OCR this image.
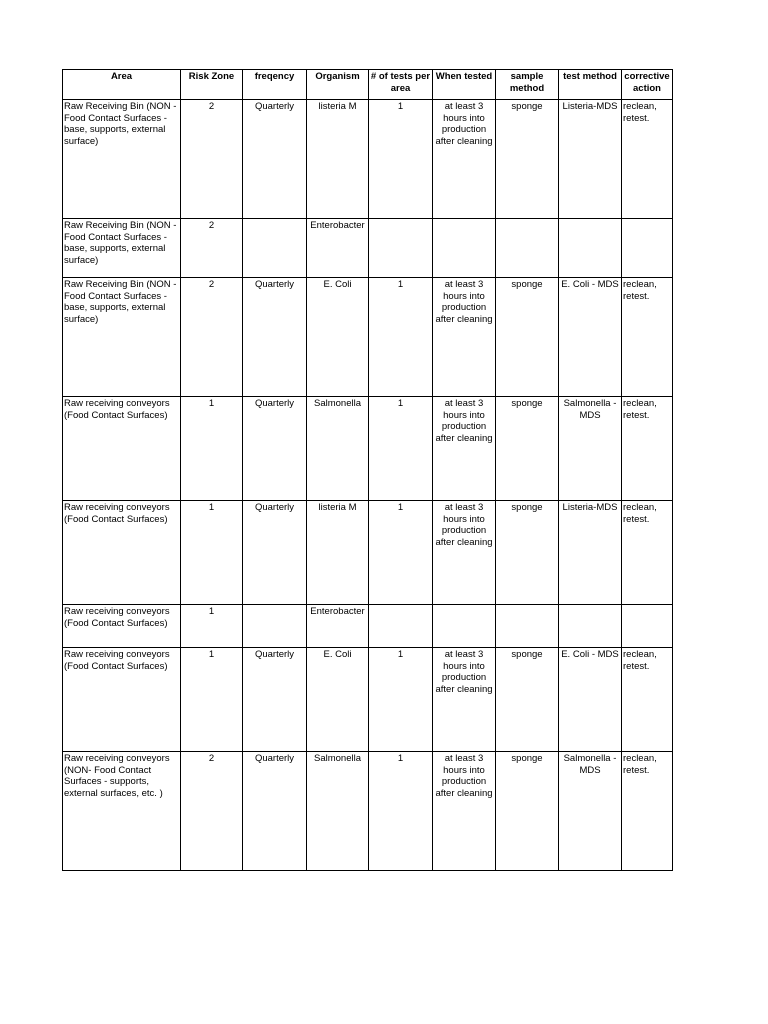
Area	Risk Zone	freqency	Organism	# of tests per area	When tested	sample method	test method	corrective action
Raw Receiving Bin (NON -Food Contact Surfaces - base, supports, external surface)	2	Quarterly	listeria M	1	at least 3 hours into production after cleaning	sponge	Listeria-MDS	reclean, retest.
Raw Receiving Bin (NON -Food Contact Surfaces - base, supports, external surface)	2		Enterobacter					
Raw Receiving Bin (NON -Food Contact Surfaces - base, supports, external surface)	2	Quarterly	E. Coli	1	at least 3 hours into production after cleaning	sponge	E. Coli - MDS	reclean, retest.
Raw receiving conveyors (Food Contact Surfaces)	1	Quarterly	Salmonella	1	at least 3 hours into production after cleaning	sponge	Salmonella - MDS	reclean, retest.
Raw receiving conveyors (Food Contact Surfaces)	1	Quarterly	listeria M	1	at least 3 hours into production after cleaning	sponge	Listeria-MDS	reclean, retest.
Raw receiving conveyors (Food Contact Surfaces)	1		Enterobacter					
Raw receiving conveyors (Food Contact Surfaces)	1	Quarterly	E. Coli	1	at least 3 hours into production after cleaning	sponge	E. Coli - MDS	reclean, retest.
Raw receiving conveyors (NON- Food Contact Surfaces - supports, external surfaces, etc. )	2	Quarterly	Salmonella	1	at least 3 hours into production after cleaning	sponge	Salmonella - MDS	reclean, retest.
